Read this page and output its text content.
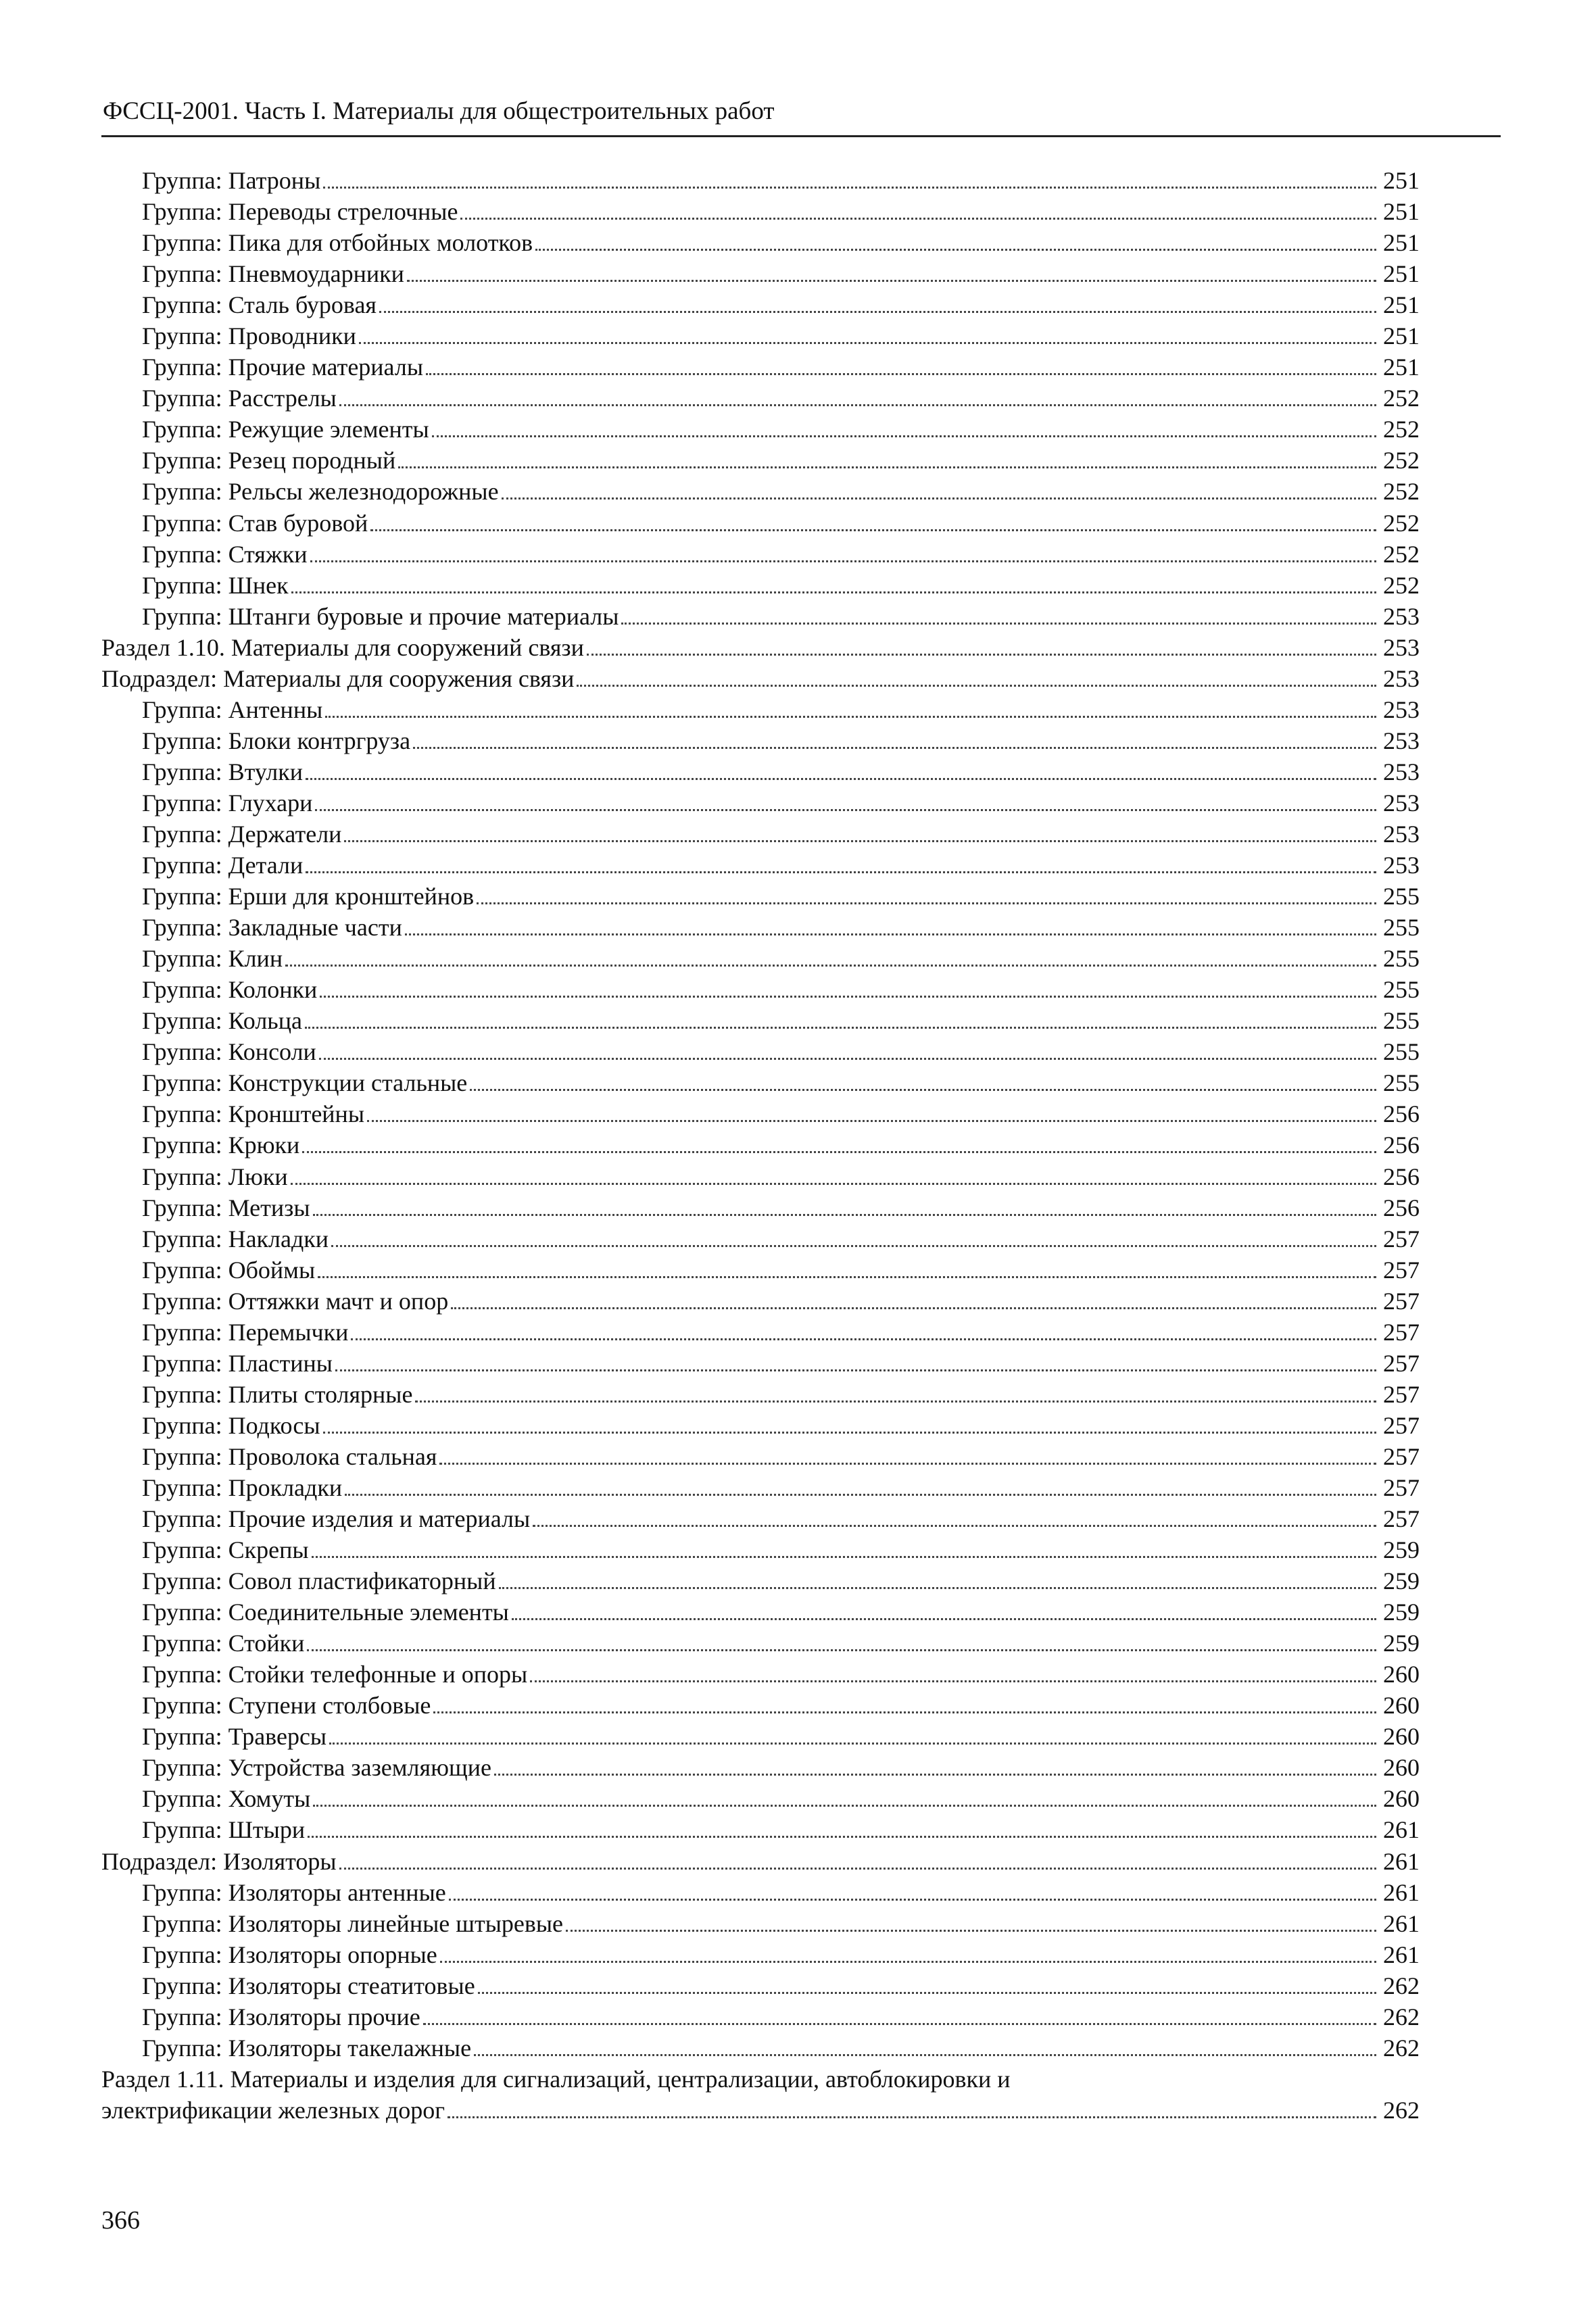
ФССЦ-2001. Часть I. Материалы для общестроительных работ
Группа: Патроны	251
Группа: Переводы стрелочные	251
Группа: Пика для отбойных молотков	251
Группа: Пневмоударники	251
Группа: Сталь буровая	251
Группа: Проводники	251
Группа: Прочие материалы	251
Группа: Расстрелы	252
Группа: Режущие элементы	252
Группа: Резец породный	252
Группа: Рельсы железнодорожные	252
Группа: Став буровой	252
Группа: Стяжки	252
Группа: Шнек	252
Группа: Штанги буровые и прочие материалы	253
Раздел 1.10. Материалы для сооружений связи	253
Подраздел: Материалы для сооружения связи	253
Группа: Антенны	253
Группа: Блоки контргруза	253
Группа: Втулки	253
Группа: Глухари	253
Группа: Держатели	253
Группа: Детали	253
Группа: Ерши для кронштейнов	255
Группа: Закладные части	255
Группа: Клин	255
Группа: Колонки	255
Группа: Кольца	255
Группа: Консоли	255
Группа: Конструкции стальные	255
Группа: Кронштейны	256
Группа: Крюки	256
Группа: Люки	256
Группа: Метизы	256
Группа: Накладки	257
Группа: Обоймы	257
Группа: Оттяжки мачт и опор	257
Группа: Перемычки	257
Группа: Пластины	257
Группа: Плиты столярные	257
Группа: Подкосы	257
Группа: Проволока стальная	257
Группа: Прокладки	257
Группа: Прочие изделия и материалы	257
Группа: Скрепы	259
Группа: Совол пластификаторный	259
Группа: Соединительные элементы	259
Группа: Стойки	259
Группа: Стойки телефонные и опоры	260
Группа: Ступени столбовые	260
Группа: Траверсы	260
Группа: Устройства заземляющие	260
Группа: Хомуты	260
Группа: Штыри	261
Подраздел: Изоляторы	261
Группа: Изоляторы антенные	261
Группа: Изоляторы линейные штыревые	261
Группа: Изоляторы опорные	261
Группа: Изоляторы стеатитовые	262
Группа: Изоляторы прочие	262
Группа: Изоляторы такелажные	262
Раздел 1.11. Материалы и изделия для сигнализаций, централизации, автоблокировки и
электрификации железных дорог	262
366
